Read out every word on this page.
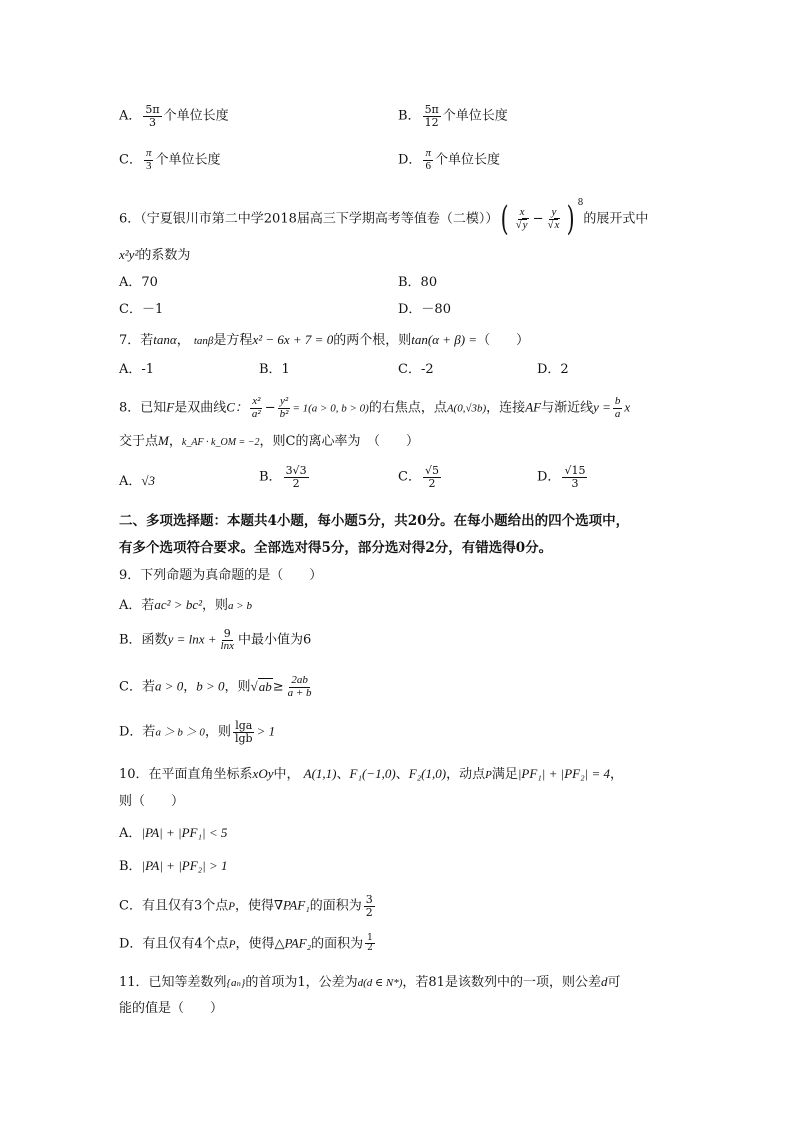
A． $\frac{5\pi}{3}$ 个单位长度	B． $\frac{5\pi}{12}$ 个单位长度
C． $\frac{\pi}{3}$ 个单位长度	D． $\frac{\pi}{6}$ 个单位长度
6．（宁夏银川市第二中学2018届高三下学期高考等值卷（二模））( $\frac{x}{√y} - \frac{y}{√x}$ ) $^8$的展开式中
x²y²的系数为
A．70	B．80
C．－1	D．－80
7．若tanα， tanβ是方程x² − 6x + 7 = 0的两个根，则tan(α + β) =（　　）
A．-1	B．1	C．-2	D．2
8．已知F是双曲线C： $\frac{\text{x²}}{\text{a²}} - \frac{\text{y²}}{\text{b²}} = 1(a > 0$, b > 0)的右焦点，点A(0,√3b)，连接AF与渐近线$y = \frac{b}{a}$ x
交于点M，k_AF · k_OM = −2，则C的离心率为　（　　）
A．√3	B． $\frac{3√3}{2}$	C． $\frac{√5}{2}$	D． $\frac{√15}{3}$
二、多项选择题：本题共4小题，每小题5分，共20分。在每小题给出的四个选项中，
有多个选项符合要求。全部选对得5分，部分选对得2分，有错选得0分。
9．下列命题为真命题的是（　　）
A．若ac² > bc²，则a > b
B．函数$y = \ln x + \frac{9}{\ln x}$ 中最小值为6
C．若a > 0，b > 0，则$√ab\ge \frac{2ab}{a + b}$
D．若a ＞ b ＞ 0，则 $\frac{\lg a}{\lg b} > 1$
10．在平面直角坐标系xOy中， A(1,1)、F₁(−1,0)、F₂(1,0)，动点P满足|PF₁| + |PF₂| = 4，
则（　　）
A．|PA| + |PF₁| < 5
B．|PA| + |PF₂| > 1
C．有且仅有3个点P，使得∇PAF₁的面积为 $\frac{3}{2}$
D．有且仅有4个点P，使得△PAF₂的面积为 $\frac{1}{2}$
11．已知等差数列{aₙ}的首项为1，公差为d(d ∈ N*)，若81是该数列中的一项，则公差d可
能的值是（　　）
